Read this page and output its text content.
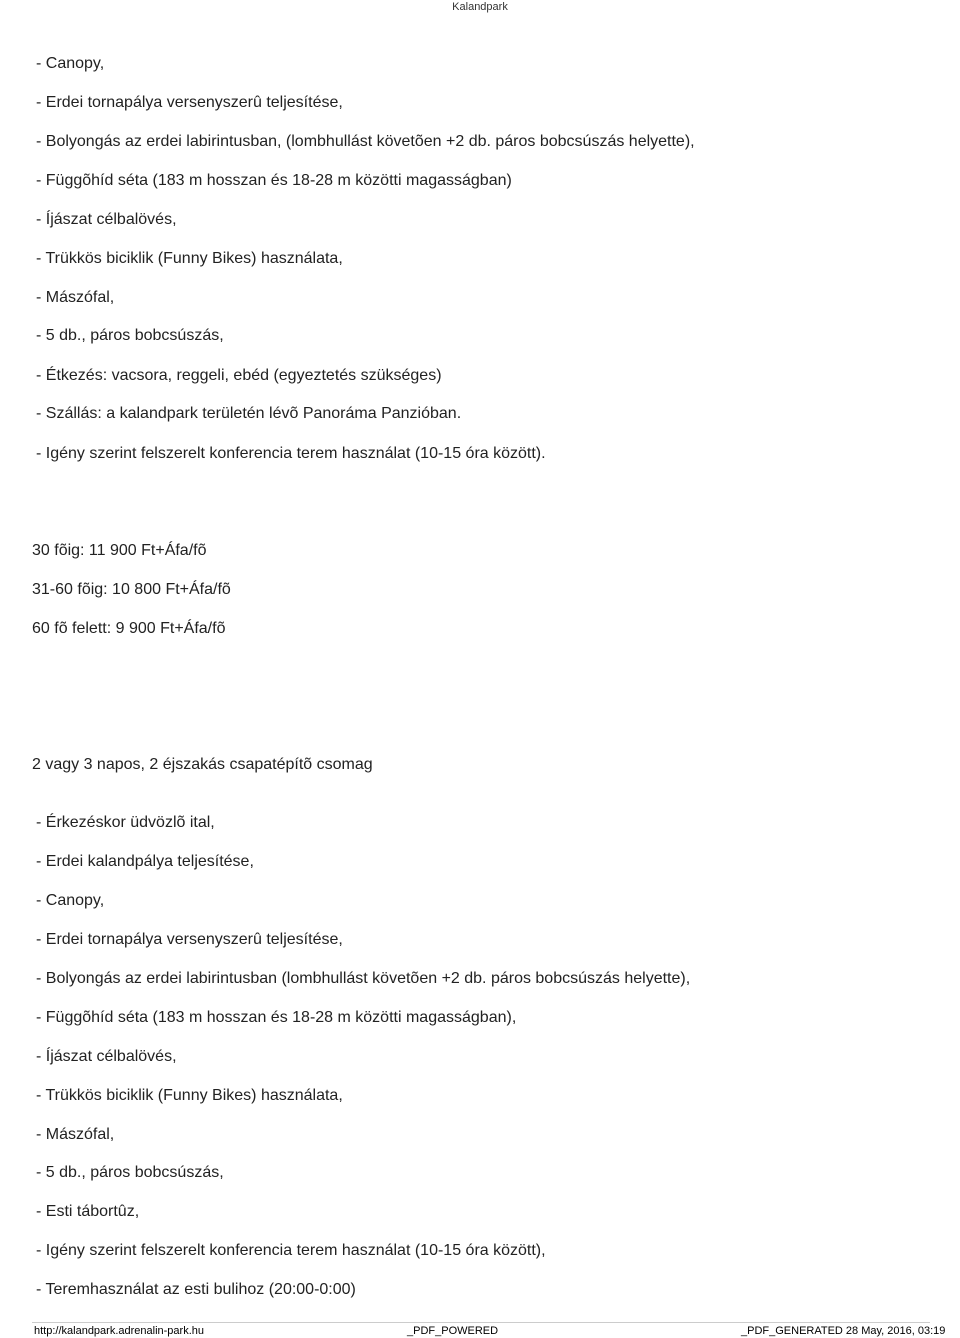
Kalandpark
- Canopy,
- Erdei tornapálya versenyszerû teljesítése,
- Bolyongás az erdei labirintusban, (lombhullást követõen +2 db. páros bobcsúszás helyette),
- Függõhíd séta (183 m hosszan és 18-28 m közötti magasságban)
- Íjászat célbalövés,
- Trükkös biciklik (Funny Bikes) használata,
- Mászófal,
- 5 db., páros bobcsúszás,
- Étkezés: vacsora, reggeli, ebéd (egyeztetés szükséges)
- Szállás: a kalandpark területén lévõ Panoráma Panzióban.
- Igény szerint felszerelt konferencia terem használat (10-15 óra között).
30 fõig: 11 900 Ft+Áfa/fõ
31-60 fõig: 10 800 Ft+Áfa/fõ
60 fõ felett: 9 900 Ft+Áfa/fõ
2 vagy 3 napos, 2 éjszakás csapatépítõ csomag
- Érkezéskor üdvözlõ ital,
- Erdei kalandpálya teljesítése,
- Canopy,
- Erdei tornapálya versenyszerû teljesítése,
- Bolyongás az erdei labirintusban (lombhullást követõen +2 db. páros bobcsúszás helyette),
- Függõhíd séta (183 m hosszan és 18-28 m közötti magasságban),
- Íjászat célbalövés,
- Trükkös biciklik (Funny Bikes) használata,
- Mászófal,
- 5 db., páros bobcsúszás,
- Esti tábortûz,
- Igény szerint felszerelt konferencia terem használat (10-15 óra között),
- Teremhasználat az esti bulihoz (20:00-0:00)
http://kalandpark.adrenalin-park.hu	_PDF_POWERED	_PDF_GENERATED 28 May, 2016, 03:19
